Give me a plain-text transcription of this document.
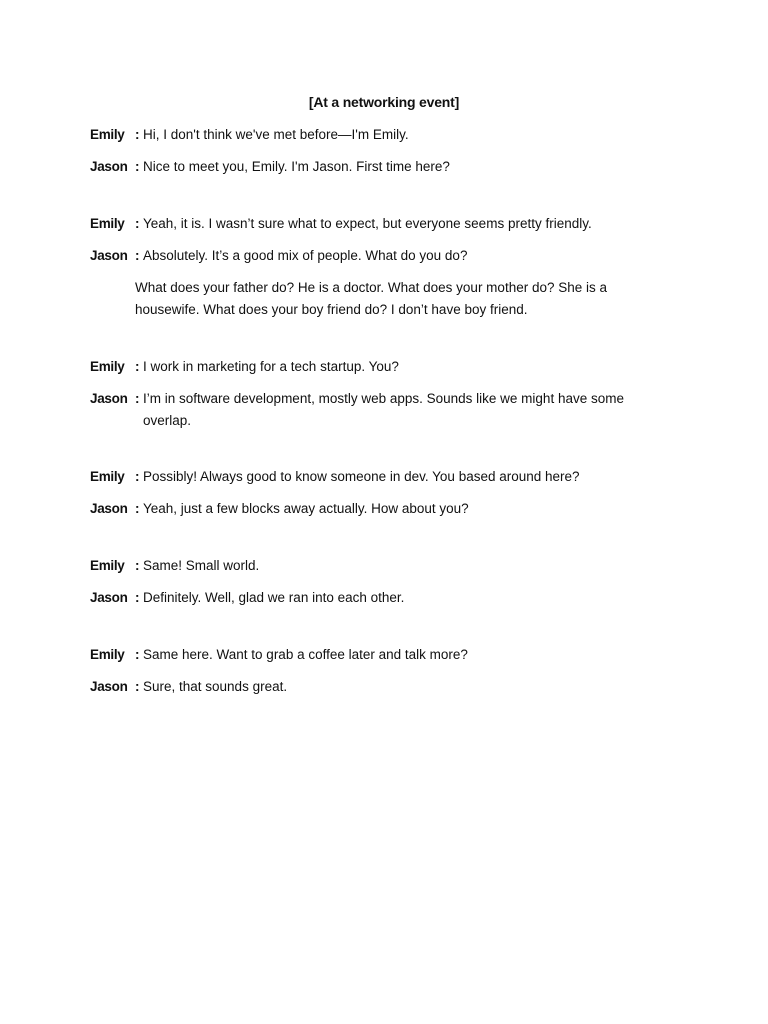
[At a networking event]
Emily : Hi, I don't think we've met before—I'm Emily.
Jason : Nice to meet you, Emily. I'm Jason. First time here?
Emily : Yeah, it is. I wasn’t sure what to expect, but everyone seems pretty friendly.
Jason : Absolutely. It’s a good mix of people. What do you do?
What does your father do? He is a doctor. What does your mother do? She is a housewife. What does your boy friend do? I don’t have boy friend.
Emily : I work in marketing for a tech startup. You?
Jason : I’m in software development, mostly web apps. Sounds like we might have some overlap.
Emily : Possibly! Always good to know someone in dev. You based around here?
Jason : Yeah, just a few blocks away actually. How about you?
Emily : Same! Small world.
Jason : Definitely. Well, glad we ran into each other.
Emily : Same here. Want to grab a coffee later and talk more?
Jason : Sure, that sounds great.
